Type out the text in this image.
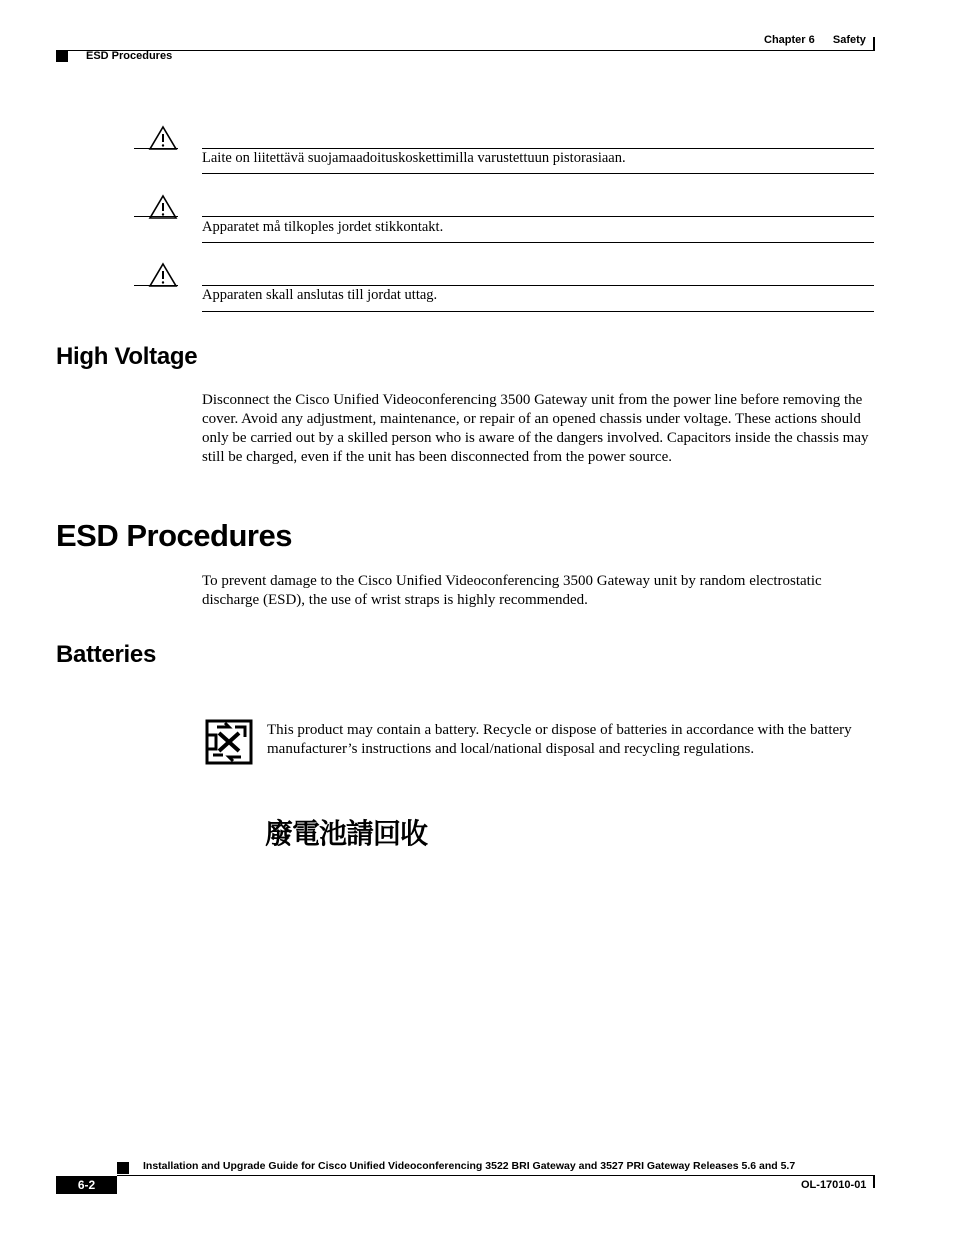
Chapter 6 Safety
ESD Procedures
Laite on liitettävä suojamaadoituskoskettimilla varustettuun pistorasiaan.
Apparatet må tilkoples jordet stikkontakt.
Apparaten skall anslutas till jordat uttag.
High Voltage

Disconnect the Cisco Unified Videoconferencing 3500 Gateway unit from the power line before removing the cover. Avoid any adjustment, maintenance, or repair of an opened chassis under voltage. These actions should only be carried out by a skilled person who is aware of the dangers involved. Capacitors inside the chassis may still be charged, even if the unit has been disconnected from the power source.

ESD Procedures

To prevent damage to the Cisco Unified Videoconferencing 3500 Gateway unit by random electrostatic discharge (ESD), the use of wrist straps is highly recommended.

Batteries

This product may contain a battery. Recycle or dispose of batteries in accordance with the battery manufacturer’s instructions and local/national disposal and recycling regulations.

廢電池請回收
Installation and Upgrade Guide for Cisco Unified Videoconferencing 3522 BRI Gateway and 3527 PRI Gateway Releases 5.6 and 5.7
6-2	OL-17010-01
